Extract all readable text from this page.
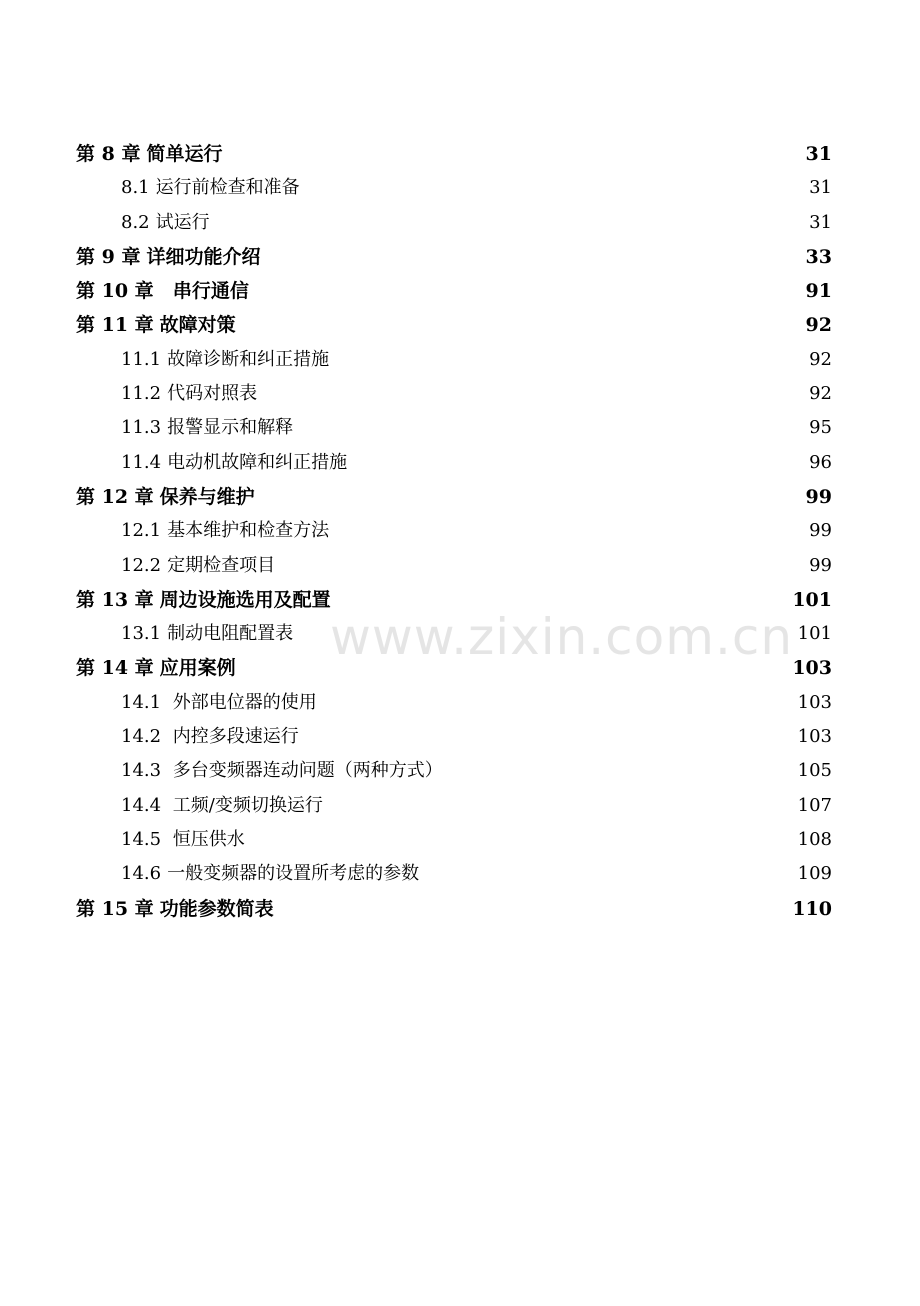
第 8 章 简单运行	31
8.1 运行前检查和准备	31
8.2 试运行	31
第 9 章 详细功能介绍	33
第 10 章  串行通信	91
第 11 章 故障对策	92
11.1 故障诊断和纠正措施	92
11.2 代码对照表	92
11.3 报警显示和解释	95
11.4 电动机故障和纠正措施	96
第 12 章 保养与维护	99
12.1 基本维护和检查方法	99
12.2 定期检查项目	99
第 13 章 周边设施选用及配置	101
13.1 制动电阻配置表	101
第 14 章 应用案例	103
14.1 外部电位器的使用	103
14.2 内控多段速运行	103
14.3 多台变频器连动问题（两种方式）	105
14.4 工频/变频切换运行	107
14.5 恒压供水	108
14.6 一般变频器的设置所考虑的参数	109
第 15 章 功能参数简表	110
www.zixin.com.cn
